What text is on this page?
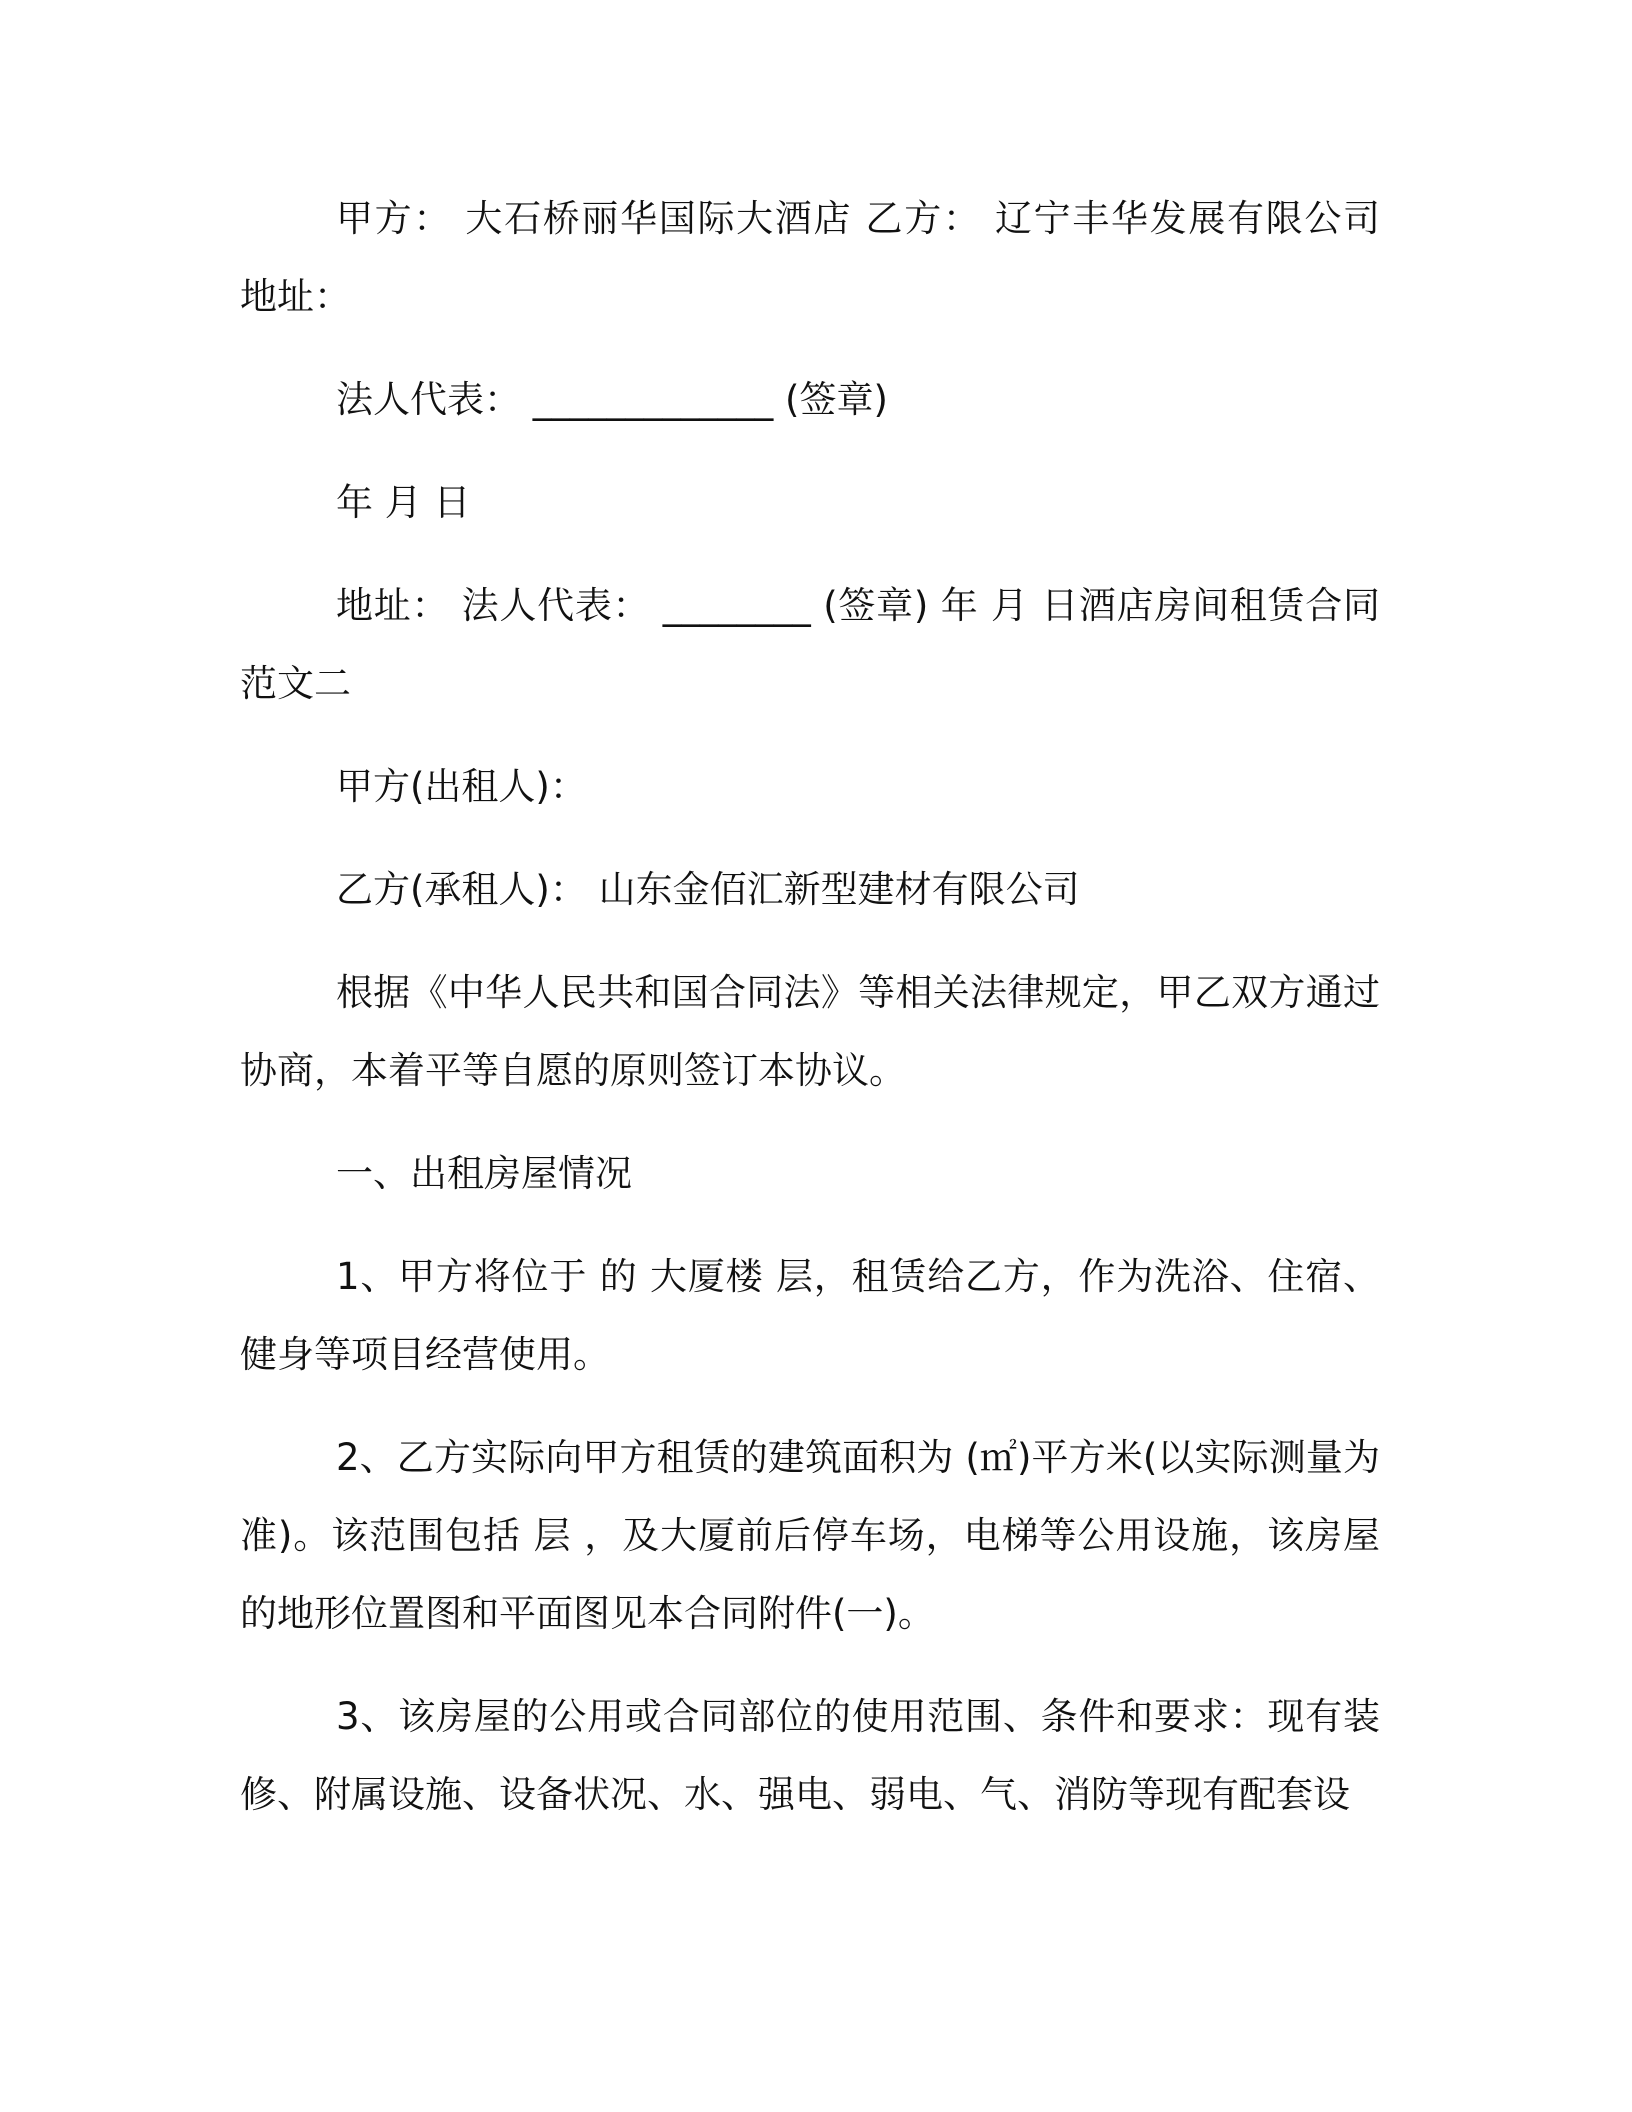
甲方： 大石桥丽华国际大酒店 乙方： 辽宁丰华发展有限公司 地址：

法人代表： _____________ (签章)

年 月 日

地址： 法人代表： ________ (签章) 年 月 日酒店房间租赁合同范文二

甲方(出租人)：

乙方(承租人)： 山东金佰汇新型建材有限公司

根据《中华人民共和国合同法》等相关法律规定，甲乙双方通过协商，本着平等自愿的原则签订本协议。

一、出租房屋情况

1、甲方将位于 的 大厦楼 层，租赁给乙方，作为洗浴、住宿、健身等项目经营使用。

2、乙方实际向甲方租赁的建筑面积为 (㎡)平方米(以实际测量为准)。该范围包括 层 ，及大厦前后停车场，电梯等公用设施，该房屋的地形位置图和平面图见本合同附件(一)。

3、该房屋的公用或合同部位的使用范围、条件和要求：现有装修、附属设施、设备状况、水、强电、弱电、气、消防等现有配套设
